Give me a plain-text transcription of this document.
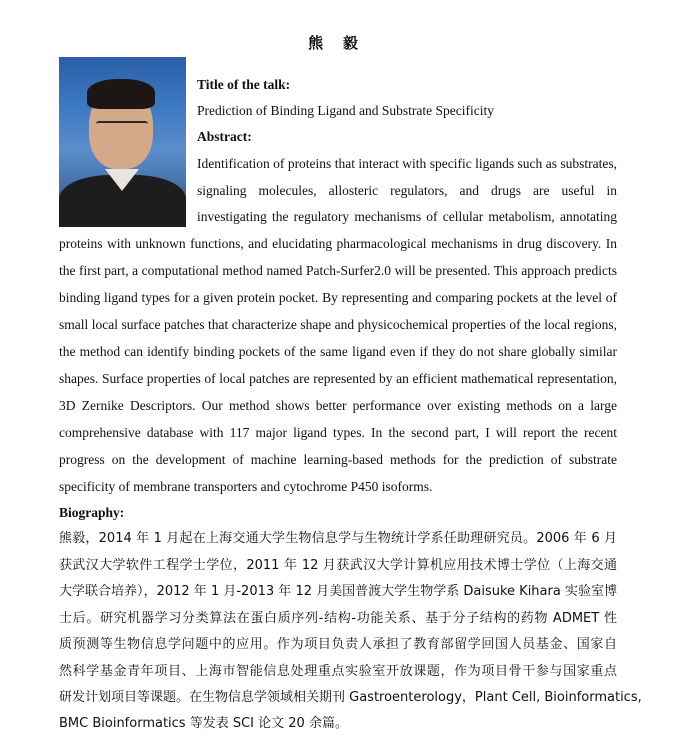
熊 毅
Title of the talk:
Prediction of Binding Ligand and Substrate Specificity
Abstract:
Identification of proteins that interact with specific ligands such as substrates,
signaling molecules, allosteric regulators, and drugs are useful in
investigating the regulatory mechanisms of cellular metabolism, annotating
proteins with unknown functions, and elucidating pharmacological mechanisms in drug discovery. In
the first part, a computational method named Patch-Surfer2.0 will be presented. This approach predicts
binding ligand types for a given protein pocket. By representing and comparing pockets at the level of
small local surface patches that characterize shape and physicochemical properties of the local regions,
the method can identify binding pockets of the same ligand even if they do not share globally similar
shapes. Surface properties of local patches are represented by an efficient mathematical representation,
3D Zernike Descriptors. Our method shows better performance over existing methods on a large
comprehensive database with 117 major ligand types. In the second part, I will report the recent
progress on the development of machine learning-based methods for the prediction of substrate
specificity of membrane transporters and cytochrome P450 isoforms.
Biography:
熊毅，2014 年 1 月起在上海交通大学生物信息学与生物统计学系任助理研究员。2006 年 6 月
获武汉大学软件工程学士学位，2011 年 12 月获武汉大学计算机应用技术博士学位（上海交通
大学联合培养），2012 年 1 月-2013 年 12 月美国普渡大学生物学系 Daisuke Kihara 实验室博
士后。研究机器学习分类算法在蛋白质序列-结构-功能关系、基于分子结构的药物 ADMET 性
质预测等生物信息学问题中的应用。作为项目负责人承担了教育部留学回国人员基金、国家自
然科学基金青年项目、上海市智能信息处理重点实验室开放课题，作为项目骨干参与国家重点
研发计划项目等课题。在生物信息学领域相关期刊 Gastroenterology，Plant Cell, Bioinformatics,
BMC Bioinformatics 等发表 SCI 论文 20 余篇。
